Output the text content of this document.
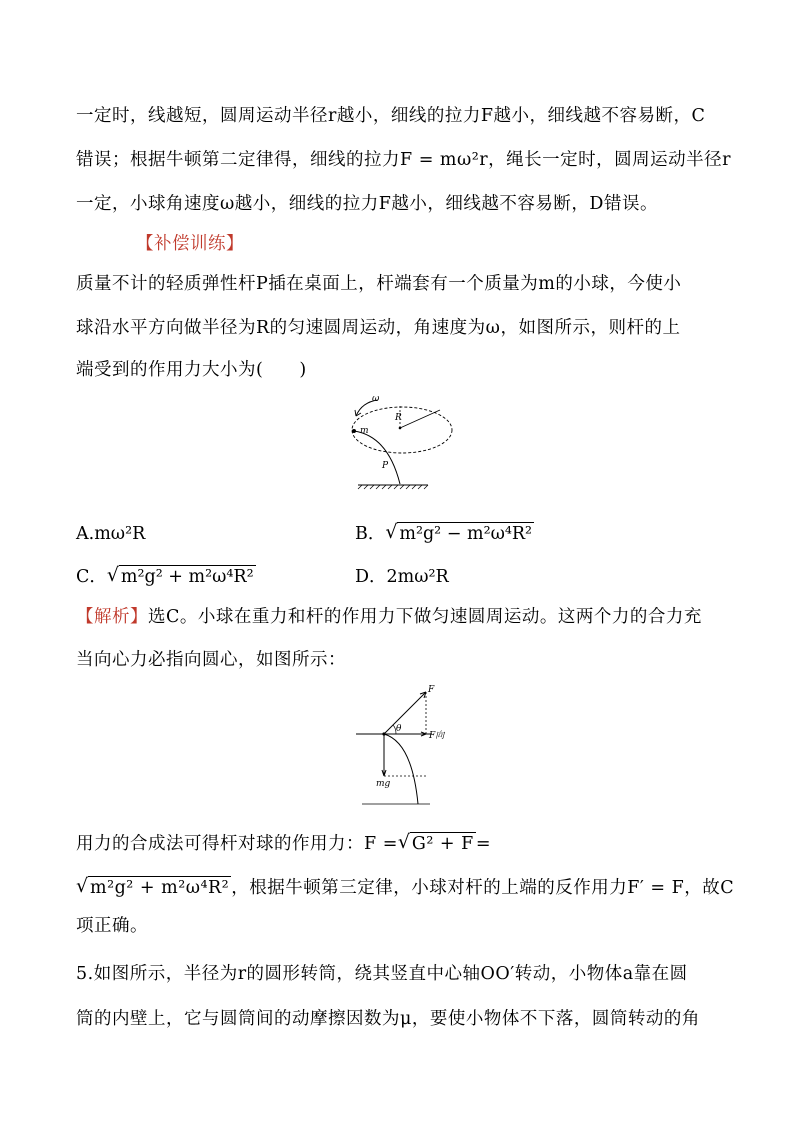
一定时，线越短，圆周运动半径r越小，细线的拉力F越小，细线越不容易断，C
错误；根据牛顿第二定律得，细线的拉力F = mω²r，绳长一定时，圆周运动半径r
一定，小球角速度ω越小，细线的拉力F越小，细线越不容易断，D错误。
【补偿训练】
质量不计的轻质弹性杆P插在桌面上，杆端套有一个质量为m的小球，今使小
球沿水平方向做半径为R的匀速圆周运动，角速度为ω，如图所示，则杆的上
端受到的作用力大小为(　　)
ω
m
R
P
A.mω²R	B． √ m²g² − m²ω⁴R²
C． √ m²g² + m²ω⁴R²	D．2mω²R
【解析】选C。小球在重力和杆的作用力下做匀速圆周运动。这两个力的合力充
当向心力必指向圆心，如图所示：
θ
F
F向
mg
用力的合成法可得杆对球的作用力：F = √ G² + F =
√ m²g² + m²ω⁴R² ，根据牛顿第三定律，小球对杆的上端的反作用力F′ = F，故C
项正确。
5.如图所示，半径为r的圆形转筒，绕其竖直中心轴OO′转动，小物体a靠在圆
筒的内壁上，它与圆筒间的动摩擦因数为μ，要使小物体不下落，圆筒转动的角
